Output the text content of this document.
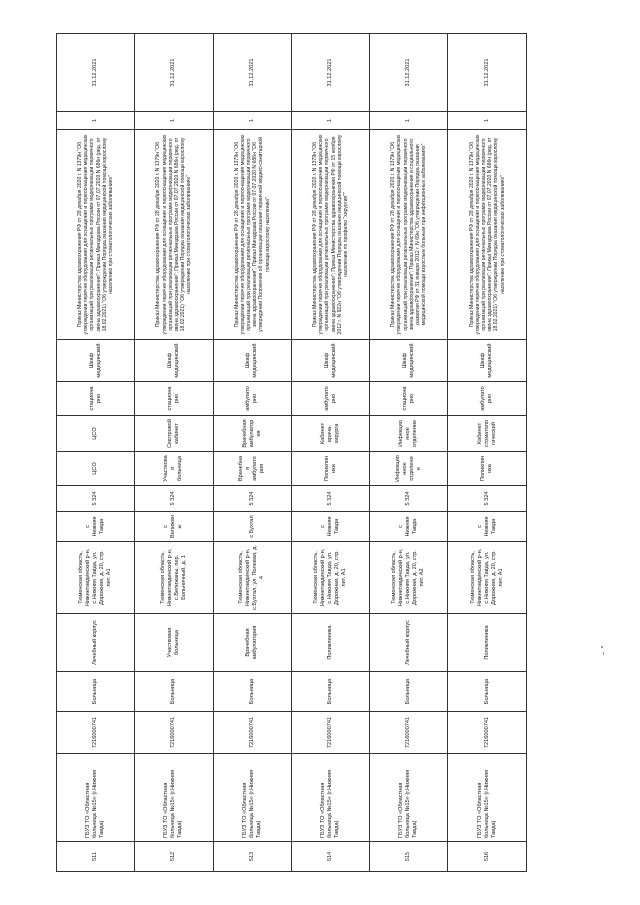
511	ГБУЗ ТО «Областная больница №15» (г.Нижняя Тавда)	7216000741	Больница	Лечебный корпус	Тюменская область, Нижнетавдинский р-н, с.Нижняя Тавда, ул. Дорожная, д. 20, стр. лит. А1	с Нижняя Тавда	5 324	ЦСО	ЦСО	стационарно	Шкаф медицинский	Приказ Министерства здравоохранения РФ от 28 декабря 2020 г. N 1379н "Об утверждении перечня оборудования для оснащения и переоснащения медицинских организаций при реализации региональных программ модернизации первичного звена здравоохранения"; Приказ Минздрава России от 07.07.2020 N 686н (ред. от 18.02.2021) "Об утверждении Порядка оказания медицинской помощи взрослому населению при стоматологических заболеваниях"	1	31.12.2021
512	ГБУЗ ТО «Областная больница №15» (г.Нижняя Тавда)	7216000741	Больница	Участковая больница	Тюменская область, Нижнетавдинский р-н, с.Велижаны, пер. Больничный, д. 1	с Велижаны	5 324	Участковая больница	Смотровой кабинет	стационарно	Шкаф медицинский	Приказ Министерства здравоохранения РФ от 28 декабря 2020 г. N 1379н "Об утверждении перечня оборудования для оснащения и переоснащения медицинских организаций при реализации региональных программ модернизации первичного звена здравоохранения"; Приказ Минздрава России от 07.07.2020 N 686н (ред. от 18.02.2021) "Об утверждении Порядка оказания медицинской помощи взрослому населению при стоматологических заболеваниях"	1	31.12.2021
513	ГБУЗ ТО «Областная больница №15» (г.Нижняя Тавда)	7216000741	Больница	Врачебная амбулатория	Тюменская область, Нижнетавдинский р-н, с.Бухтал, ул. Полевая, д. 4	с Бухтал	5 324	Врачебная амбулатория	Врачебная амбулатория	амбулаторно	Шкаф медицинский	Приказ Министерства здравоохранения РФ от 28 декабря 2020 г. N 1379н "Об утверждении перечня оборудования для оснащения и переоснащения медицинских организаций при реализации региональных программ модернизации первичного звена здравоохранения"; Приказ Минздрава России от 07.07.2020 N 686н "Об утверждении Положения об организации оказания первичной медико-санитарной помощи взрослому населению"	1	31.12.2021
514	ГБУЗ ТО «Областная больница №15» (г.Нижняя Тавда)	7216000741	Больница	Поликлиника	Тюменская область, Нижнетавдинский р-н, с.Нижняя Тавда, ул. Дорожная, д. 20, стр. лит. А1	с Нижняя Тавда	5 324	Поликлиника	Кабинет врача-хирурга	амбулаторно	Шкаф медицинский	Приказ Министерства здравоохранения РФ от 28 декабря 2020 г. N 1379н "Об утверждении перечня оборудования для оснащения и переоснащения медицинских организаций при реализации региональных программ модернизации первичного звена здравоохранения"; Приказ Министерства здравоохранения РФ от 15 ноября 2012 г. N 922н "Об утверждении Порядка оказания медицинской помощи взрослому населению по профилю "хирургия""	1	31.12.2021
515	ГБУЗ ТО «Областная больница №15» (г.Нижняя Тавда)	7216000741	Больница	Лечебный корпус	Тюменская область, Нижнетавдинский р-н, с.Нижняя Тавда, ул. Дорожная, д. 20, стр. лит. А2	с Нижняя Тавда	5 324	Инфекционное отделение	Инфекционное отделение	стационарно	Шкаф медицинский	Приказ Министерства здравоохранения РФ от 28 декабря 2020 г. N 1379н "Об утверждении перечня оборудования для оснащения и переоснащения медицинских организаций при реализации региональных программ модернизации первичного звена здравоохранения"; Приказ Министерства здравоохранения и социального развития РФ от 31 января 2012 г. N 69н "Об утверждении Порядка оказания медицинской помощи взрослым больным при инфекционных заболеваниях"	1	31.12.2021
516	ГБУЗ ТО «Областная больница №15» (г.Нижняя Тавда)	7216000741	Больница	Поликлиника	Тюменская область, Нижнетавдинский р-н, с.Нижняя Тавда, ул. Дорожная, д. 20, стр. лит. А1	с Нижняя Тавда	5 324	Поликлиника	Кабинет стоматологический	амбулаторно	Шкаф медицинский	Приказ Министерства здравоохранения РФ от 28 декабря 2020 г. N 1379н "Об утверждении перечня оборудования для оснащения и переоснащения медицинских организаций при реализации региональных программ модернизации первичного звена здравоохранения"; Приказ Минздрава России от 07.07.2020 N 686н (ред. от 18.02.2021) "Об утверждении Порядка оказания медицинской помощи взрослому населению при стоматологических заболеваниях"	1	31.12.2021
